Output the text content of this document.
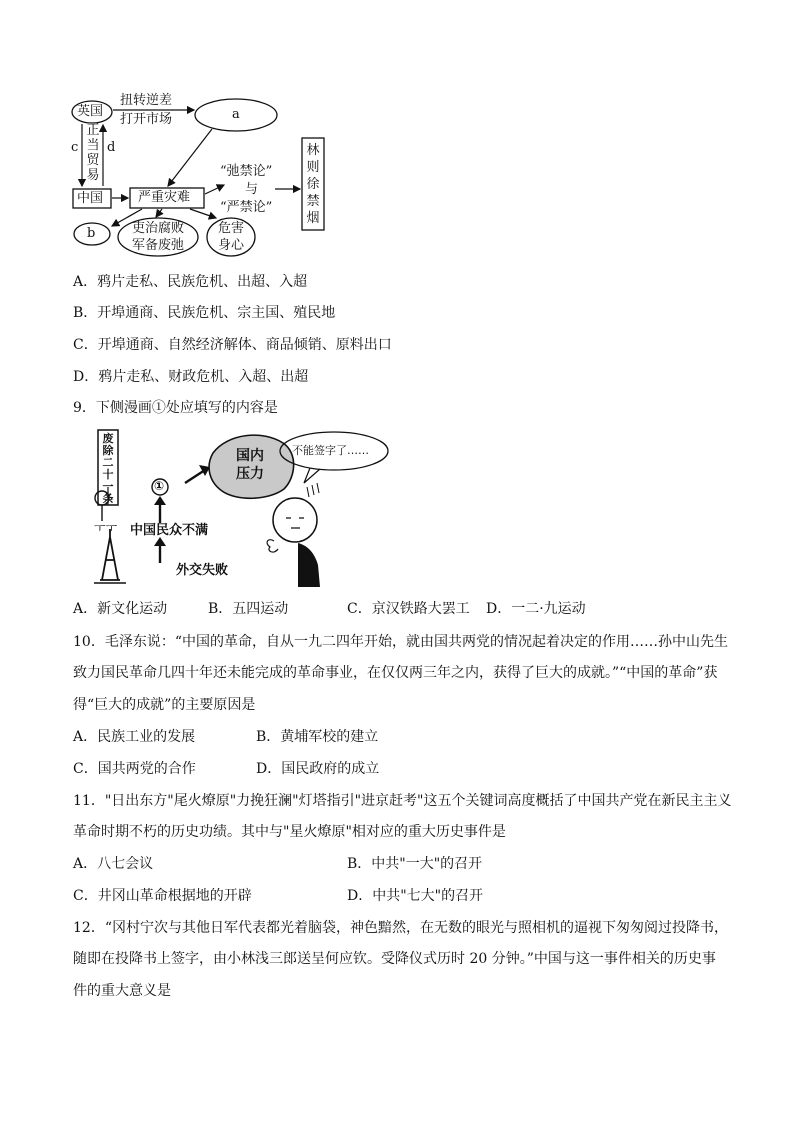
英国
扭转逆差
打开市场	a
c
正当贸易
d
中国	严重灾难
“弛禁论”
与
“严禁论”
林则徐禁烟
b	吏治腐败
军备废弛
危害
身心
A．鸦片走私、民族危机、出超、入超
B．开埠通商、民族危机、宗主国、殖民地
C．开埠通商、自然经济解体、商品倾销、原料出口
D．鸦片走私、财政危机、入超、出超
9．下侧漫画①处应填写的内容是
ㅜㅜ
废除二十一条
①
中国民众不满
外交失败
国内
压力
不能签字了……
A．新文化运动	B．五四运动	C．京汉铁路大罢工 D．一二·九运动
10．毛泽东说：“中国的革命，自从一九二四年开始，就由国共两党的情况起着决定的作用……孙中山先生
致力国民革命几四十年还未能完成的革命事业，在仅仅两三年之内，获得了巨大的成就。”“中国的革命”获
得“巨大的成就”的主要原因是
A．民族工业的发展	B．黄埔军校的建立
C．国共两党的合作	D．国民政府的成立
11．"日出东方"尾火燎原"力挽狂澜"灯塔指引"进京赶考"这五个关键词高度概括了中国共产党在新民主主义
革命时期不朽的历史功绩。其中与"星火燎原"相对应的重大历史事件是
A．八七会议	B．中共"一大"的召开
C．井冈山革命根据地的开辟	D．中共"七大"的召开
12．“冈村宁次与其他日军代表都光着脑袋，神色黯然，在无数的眼光与照相机的逼视下匆匆阅过投降书，
随即在投降书上签字，由小林浅三郎送呈何应钦。受降仪式历时 20 分钟。”中国与这一事件相关的历史事
件的重大意义是
